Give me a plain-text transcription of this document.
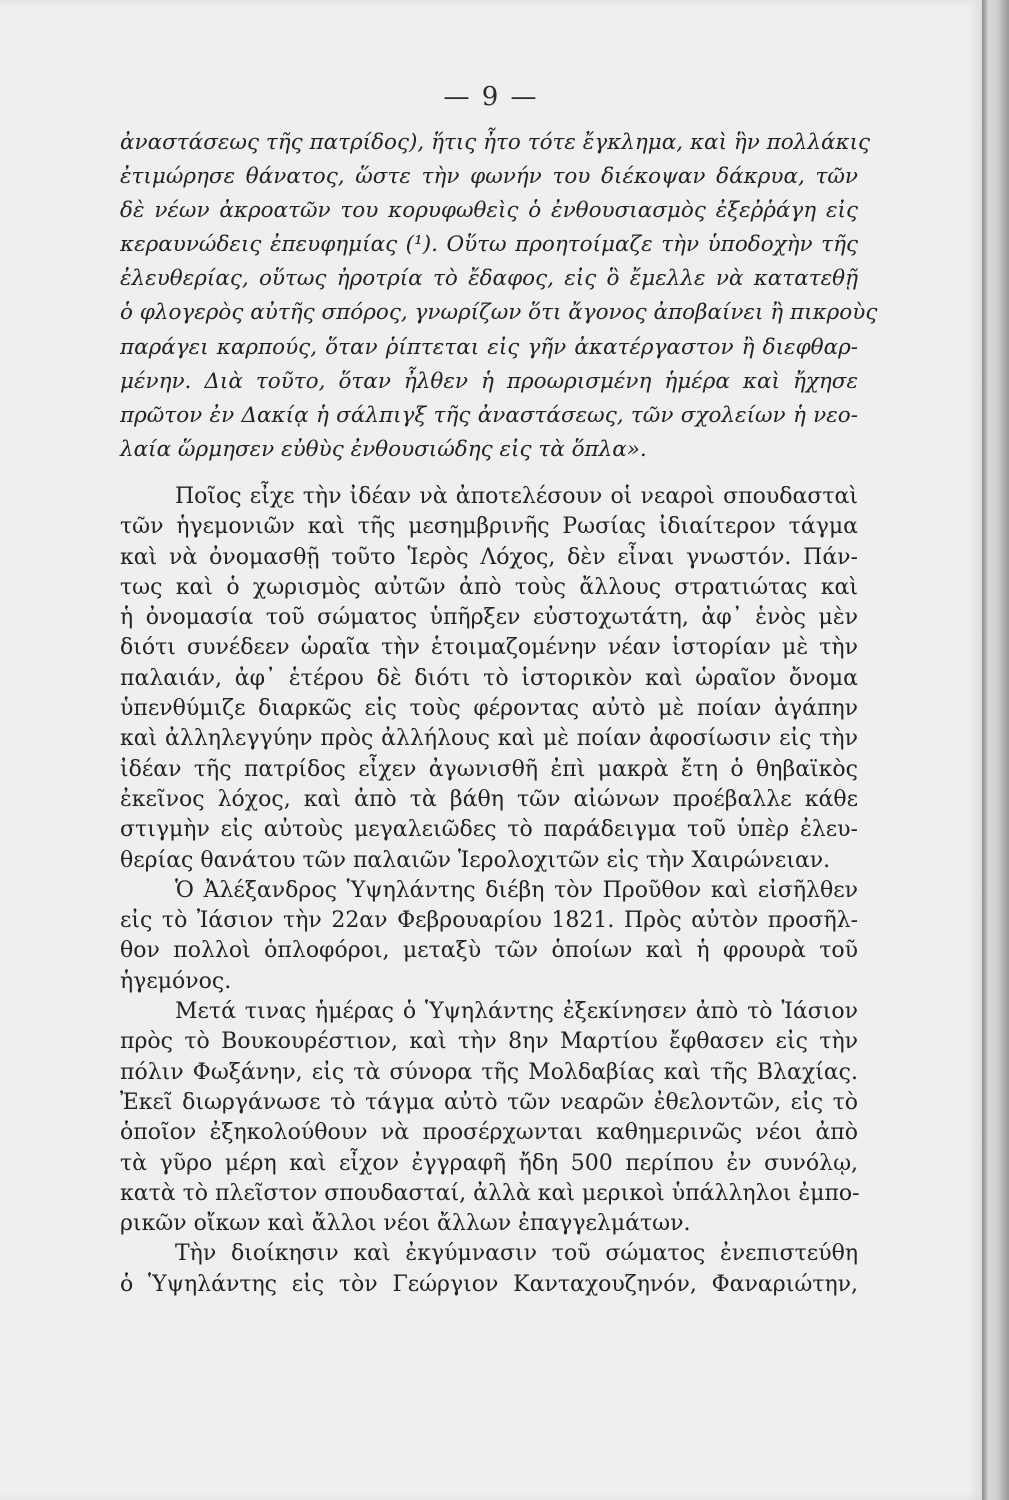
— 9 —
ἀναστάσεως τῆς πατρίδος), ἥτις ἦτο τότε ἔγκλημα, καὶ ἣν πολλάκις
ἐτιμώρησε θάνατος, ὥστε τὴν φωνήν του διέκοψαν δάκρυα, τῶν
δὲ νέων ἀκροατῶν του κορυφωθεὶς ὁ ἐνθουσιασμὸς ἐξεῤῥάγη εἰς
κεραυνώδεις ἐπευφημίας (¹). Οὕτω προητοίμαζε τὴν ὑποδοχὴν τῆς
ἐλευθερίας, οὕτως ἠροτρία τὸ ἔδαφος, εἰς ὃ ἔμελλε νὰ κατατεθῇ
ὁ φλογερὸς αὐτῆς σπόρος, γνωρίζων ὅτι ἄγονος ἀποβαίνει ἢ πικροὺς
παράγει καρπούς, ὅταν ῥίπτεται εἰς γῆν ἀκατέργαστον ἢ διεφθαρ-
μένην. Διὰ τοῦτο, ὅταν ἦλθεν ἡ προωρισμένη ἡμέρα καὶ ἤχησε
πρῶτον ἐν Δακίᾳ ἡ σάλπιγξ τῆς ἀναστάσεως, τῶν σχολείων ἡ νεο-
λαία ὥρμησεν εὐθὺς ἐνθουσιώδης εἰς τὰ ὅπλα».
Ποῖος εἶχε τὴν ἰδέαν νὰ ἀποτελέσουν οἱ νεαροὶ σπουδασταὶ
τῶν ἡγεμονιῶν καὶ τῆς μεσημβρινῆς Ρωσίας ἰδιαίτερον τάγμα
καὶ νὰ ὀνομασθῇ τοῦτο Ἱερὸς Λόχος, δὲν εἶναι γνωστόν. Πάν-
τως καὶ ὁ χωρισμὸς αὐτῶν ἀπὸ τοὺς ἄλλους στρατιώτας καὶ
ἡ ὀνομασία τοῦ σώματος ὑπῆρξεν εὐστοχωτάτη, ἀφ᾽ ἑνὸς μὲν
διότι συνέδεεν ὡραῖα τὴν ἑτοιμαζομένην νέαν ἱστορίαν μὲ τὴν
παλαιάν, ἀφ᾽ ἑτέρου δὲ διότι τὸ ἱστορικὸν καὶ ὡραῖον ὄνομα
ὑπενθύμιζε διαρκῶς εἰς τοὺς φέροντας αὐτὸ μὲ ποίαν ἀγάπην
καὶ ἀλληλεγγύην πρὸς ἀλλήλους καὶ μὲ ποίαν ἀφοσίωσιν εἰς τὴν
ἰδέαν τῆς πατρίδος εἶχεν ἀγωνισθῆ ἐπὶ μακρὰ ἔτη ὁ θηβαϊκὸς
ἐκεῖνος λόχος, καὶ ἀπὸ τὰ βάθη τῶν αἰώνων προέβαλλε κάθε
στιγμὴν εἰς αὐτοὺς μεγαλειῶδες τὸ παράδειγμα τοῦ ὑπὲρ ἐλευ-
θερίας θανάτου τῶν παλαιῶν Ἱερολοχιτῶν εἰς τὴν Χαιρώνειαν.
Ὁ Ἀλέξανδρος Ὑψηλάντης διέβη τὸν Προῦθον καὶ εἰσῆλθεν
εἰς τὸ Ἰάσιον τὴν 22αν Φεβρουαρίου 1821. Πρὸς αὐτὸν προσῆλ-
θον πολλοὶ ὁπλοφόροι, μεταξὺ τῶν ὁποίων καὶ ἡ φρουρὰ τοῦ
ἡγεμόνος.
Μετά τινας ἡμέρας ὁ Ὑψηλάντης ἐξεκίνησεν ἀπὸ τὸ Ἰάσιον
πρὸς τὸ Βουκουρέστιον, καὶ τὴν 8ην Μαρτίου ἔφθασεν εἰς τὴν
πόλιν Φωξάνην, εἰς τὰ σύνορα τῆς Μολδαβίας καὶ τῆς Βλαχίας.
Ἐκεῖ διωργάνωσε τὸ τάγμα αὐτὸ τῶν νεαρῶν ἐθελοντῶν, εἰς τὸ
ὁποῖον ἐξηκολούθουν νὰ προσέρχωνται καθημερινῶς νέοι ἀπὸ
τὰ γῦρο μέρη καὶ εἶχον ἐγγραφῆ ἤδη 500 περίπου ἐν συνόλῳ,
κατὰ τὸ πλεῖστον σπουδασταί, ἀλλὰ καὶ μερικοὶ ὑπάλληλοι ἐμπο-
ρικῶν οἴκων καὶ ἄλλοι νέοι ἄλλων ἐπαγγελμάτων.
Τὴν διοίκησιν καὶ ἐκγύμνασιν τοῦ σώματος ἐνεπιστεύθη
ὁ Ὑψηλάντης εἰς τὸν Γεώργιον Κανταχουζηνόν, Φαναριώτην,
